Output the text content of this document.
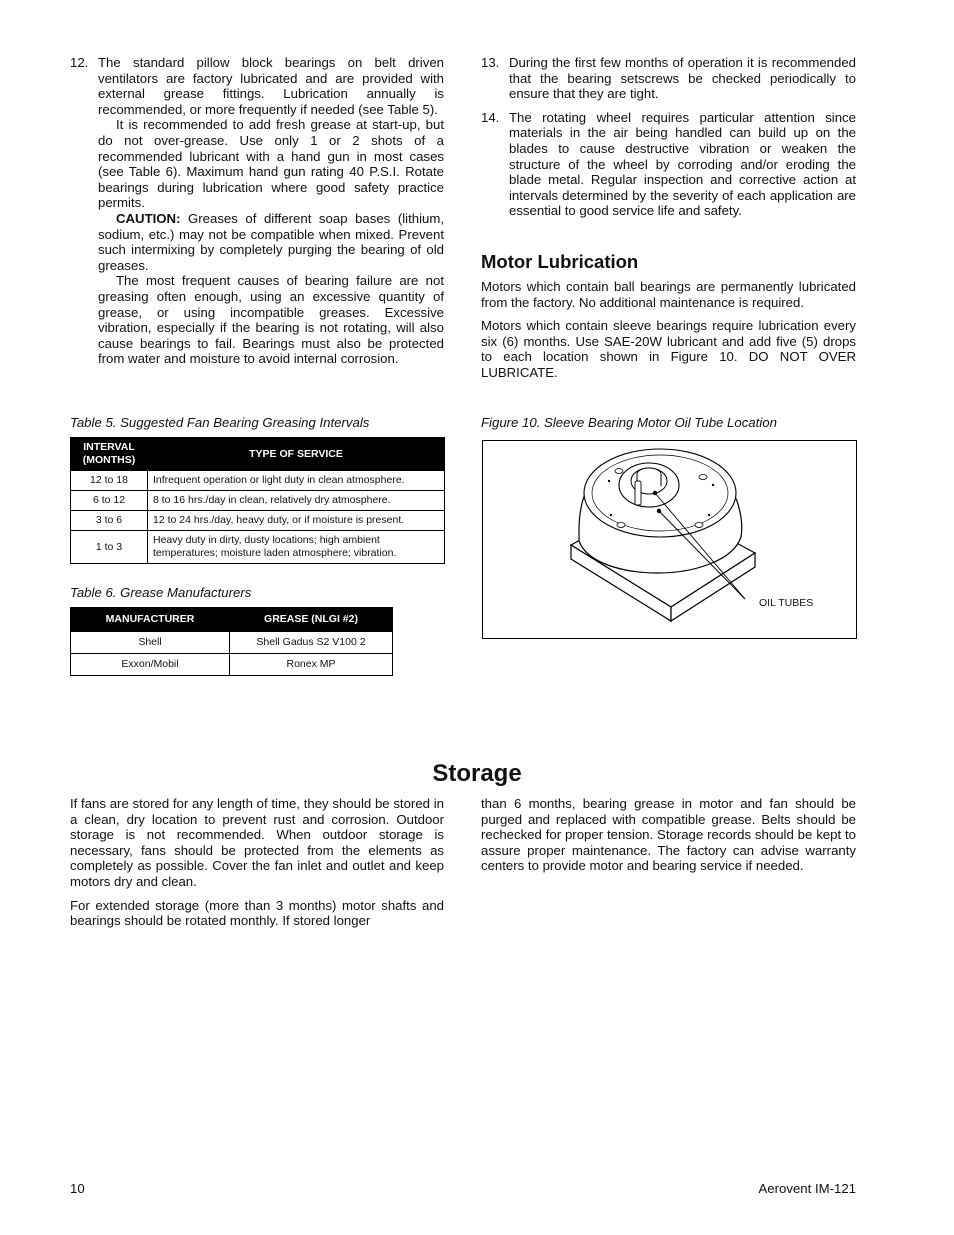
12. The standard pillow block bearings on belt driven ventilators are factory lubricated and are provided with external grease fittings. Lubrication annually is recommended, or more frequently if needed (see Table 5).

It is recommended to add fresh grease at start-up, but do not over-grease. Use only 1 or 2 shots of a recommended lubricant with a hand gun in most cases (see Table 6). Maximum hand gun rating 40 P.S.I. Rotate bearings during lubrication where good safety practice permits.

CAUTION: Greases of different soap bases (lithium, sodium, etc.) may not be compatible when mixed. Prevent such intermixing by completely purging the bearing of old greases.

The most frequent causes of bearing failure are not greasing often enough, using an excessive quantity of grease, or using incompatible greases. Excessive vibration, especially if the bearing is not rotating, will also cause bearings to fail. Bearings must also be protected from water and moisture to avoid internal corrosion.

Table 5. Suggested Fan Bearing Greasing Intervals
INTERVAL (MONTHS)	TYPE OF SERVICE
12 to 18	Infrequent operation or light duty in clean atmosphere.
6 to 12	8 to 16 hrs./day in clean, relatively dry atmosphere.
3 to 6	12 to 24 hrs./day, heavy duty, or if moisture is present.
1 to 3	Heavy duty in dirty, dusty locations; high ambient temperatures; moisture laden atmosphere; vibration.
Table 6. Grease Manufacturers
MANUFACTURER	GREASE (NLGI #2)
Shell	Shell Gadus S2 V100 2
Exxon/Mobil	Ronex MP
13. During the first few months of operation it is recommended that the bearing setscrews be checked periodically to ensure that they are tight.

14. The rotating wheel requires particular attention since materials in the air being handled can build up on the blades to cause destructive vibration or weaken the structure of the wheel by corroding and/or eroding the blade metal. Regular inspection and corrective action at intervals determined by the severity of each application are essential to good service life and safety.

Motor Lubrication

Motors which contain ball bearings are permanently lubricated from the factory. No additional maintenance is required.

Motors which contain sleeve bearings require lubrication every six (6) months. Use SAE-20W lubricant and add five (5) drops to each location shown in Figure 10. DO NOT OVER LUBRICATE.

Figure 10. Sleeve Bearing Motor Oil Tube Location
OIL TUBES
Storage

If fans are stored for any length of time, they should be stored in a clean, dry location to prevent rust and corrosion. Outdoor storage is not recommended. When outdoor storage is necessary, fans should be protected from the elements as completely as possible. Cover the fan inlet and outlet and keep motors dry and clean.

For extended storage (more than 3 months) motor shafts and bearings should be rotated monthly. If stored longer

than 6 months, bearing grease in motor and fan should be purged and replaced with compatible grease. Belts should be rechecked for proper tension. Storage records should be kept to assure proper maintenance. The factory can advise warranty centers to provide motor and bearing service if needed.

10	Aerovent IM-121
